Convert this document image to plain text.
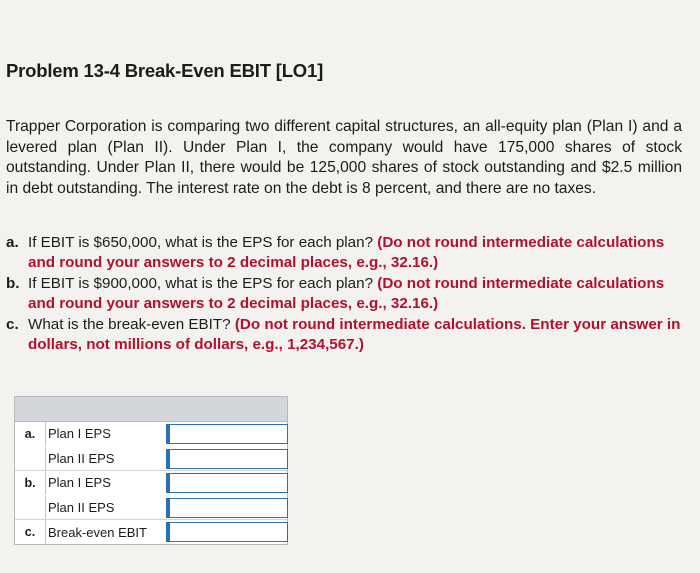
Problem 13-4 Break-Even EBIT [LO1]
Trapper Corporation is comparing two different capital structures, an all-equity plan (Plan I) and a levered plan (Plan II). Under Plan I, the company would have 175,000 shares of stock outstanding. Under Plan II, there would be 125,000 shares of stock outstanding and $2.5 million in debt outstanding. The interest rate on the debt is 8 percent, and there are no taxes.
a. If EBIT is $650,000, what is the EPS for each plan? (Do not round intermediate calculations and round your answers to 2 decimal places, e.g., 32.16.)
b. If EBIT is $900,000, what is the EPS for each plan? (Do not round intermediate calculations and round your answers to 2 decimal places, e.g., 32.16.)
c. What is the break-even EBIT? (Do not round intermediate calculations. Enter your answer in dollars, not millions of dollars, e.g., 1,234,567.)
a. Plan I EPS
Plan II EPS
b. Plan I EPS
Plan II EPS
c. Break-even EBIT
